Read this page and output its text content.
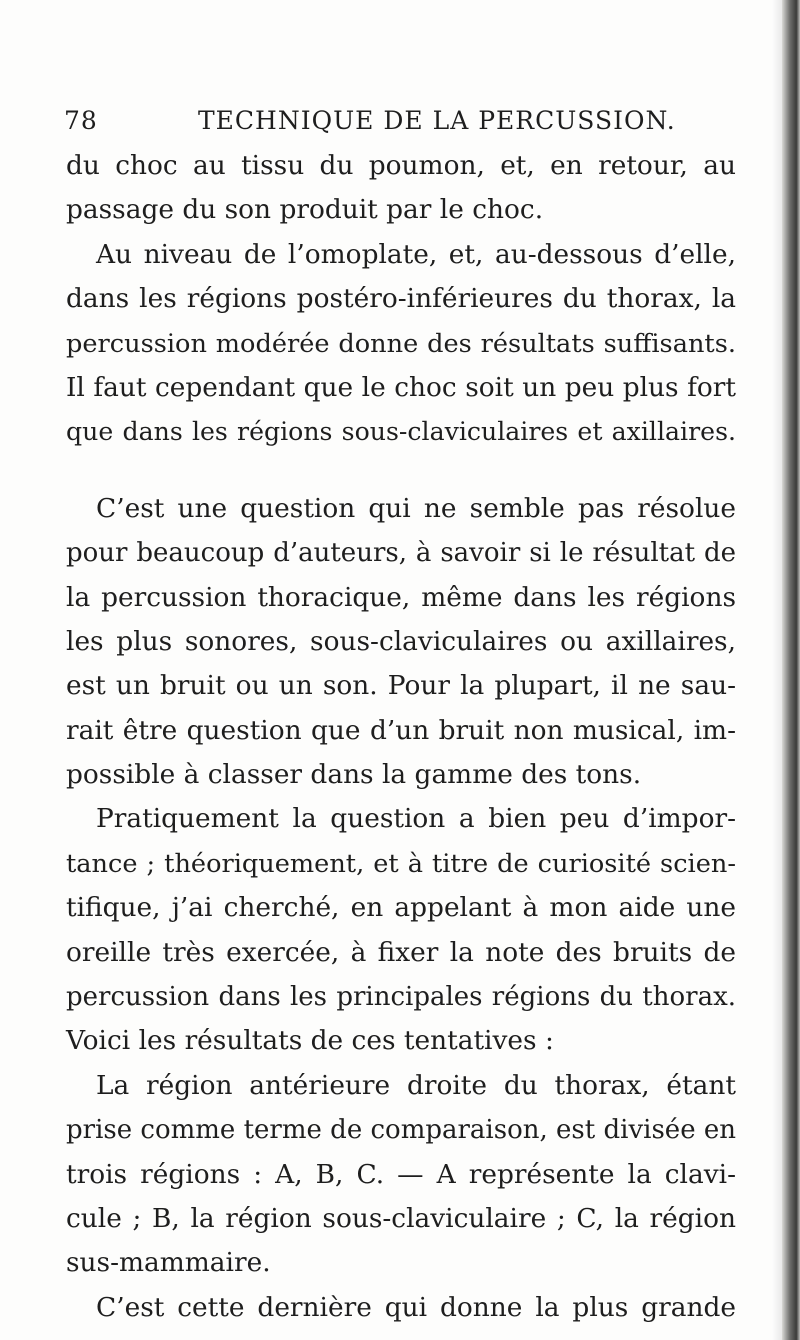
78	TECHNIQUE DE LA PERCUSSION.
du choc au tissu du poumon, et, en retour, au
passage du son produit par le choc.
Au niveau de l’omoplate, et, au-dessous d’elle,
dans les régions postéro-inférieures du thorax, la
percussion modérée donne des résultats suffisants.
Il faut cependant que le choc soit un peu plus fort
que dans les régions sous-claviculaires et axillaires.
C’est une question qui ne semble pas résolue
pour beaucoup d’auteurs, à savoir si le résultat de
la percussion thoracique, même dans les régions
les plus sonores, sous-claviculaires ou axillaires,
est un bruit ou un son. Pour la plupart, il ne sau-
rait être question que d’un bruit non musical, im-
possible à classer dans la gamme des tons.
Pratiquement la question a bien peu d’impor-
tance ; théoriquement, et à titre de curiosité scien-
tifique, j’ai cherché, en appelant à mon aide une
oreille très exercée, à fixer la note des bruits de
percussion dans les principales régions du thorax.
Voici les résultats de ces tentatives :
La région antérieure droite du thorax, étant
prise comme terme de comparaison, est divisée en
trois régions : A, B, C. — A représente la clavi-
cule ; B, la région sous-claviculaire ; C, la région
sus-mammaire.
C’est cette dernière qui donne la plus grande
